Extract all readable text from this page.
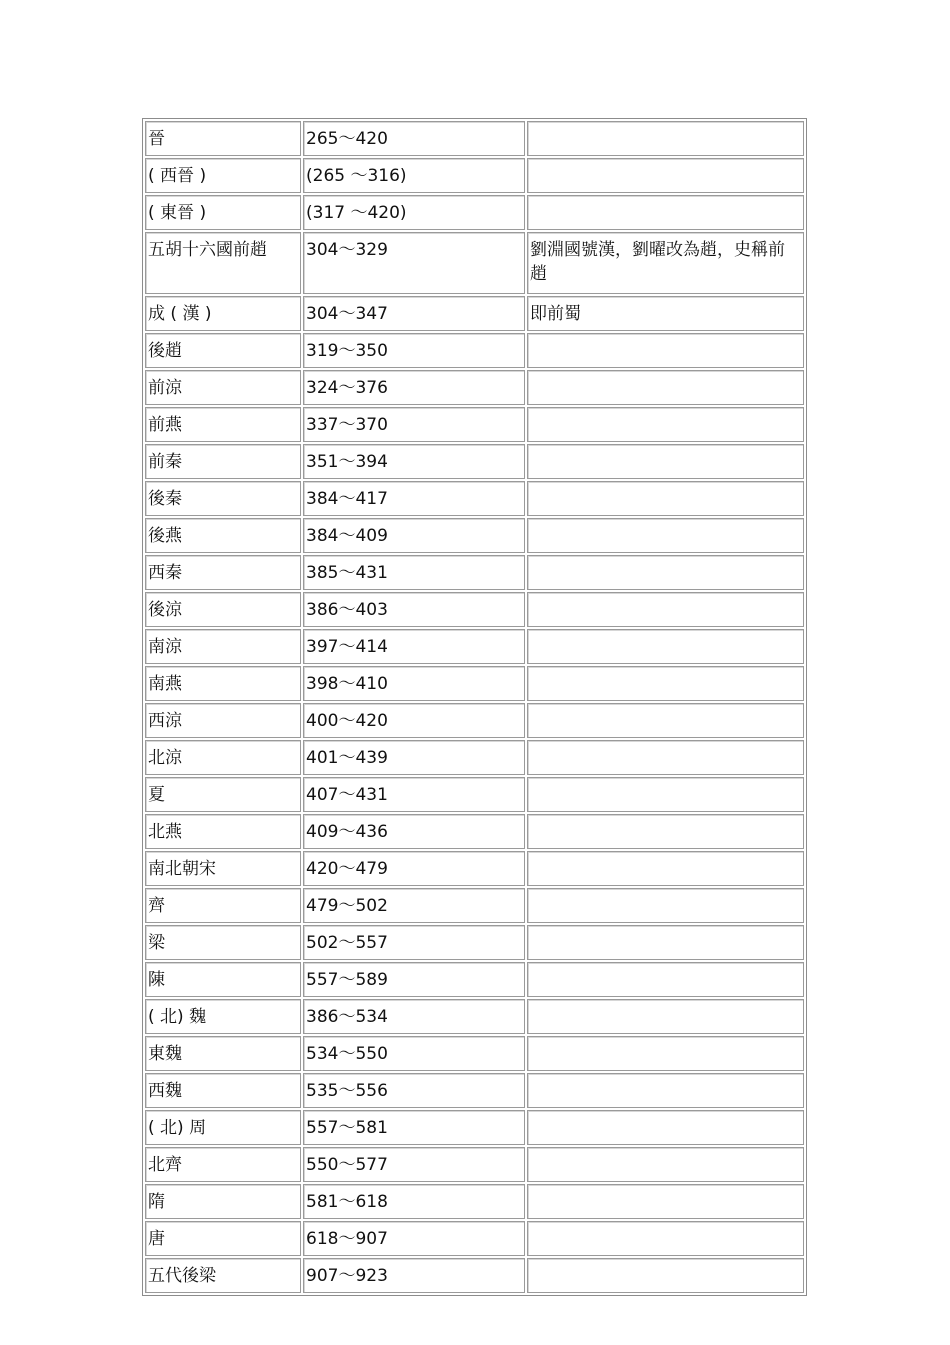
晉	265～420	
( 西晉 )	(265 ～316)	
( 東晉 )	(317 ～420)	
五胡十六國前趙	304～329	劉淵國號漢，劉曜改為趙，史稱前趙
成 ( 漢 )	304～347	即前蜀
後趙	319～350	
前涼	324～376	
前燕	337～370	
前秦	351～394	
後秦	384～417	
後燕	384～409	
西秦	385～431	
後涼	386～403	
南涼	397～414	
南燕	398～410	
西涼	400～420	
北涼	401～439	
夏	407～431	
北燕	409～436	
南北朝宋	420～479	
齊	479～502	
梁	502～557	
陳	557～589	
( 北) 魏	386～534	
東魏	534～550	
西魏	535～556	
( 北) 周	557～581	
北齊	550～577	
隋	581～618	
唐	618～907	
五代後梁	907～923	
